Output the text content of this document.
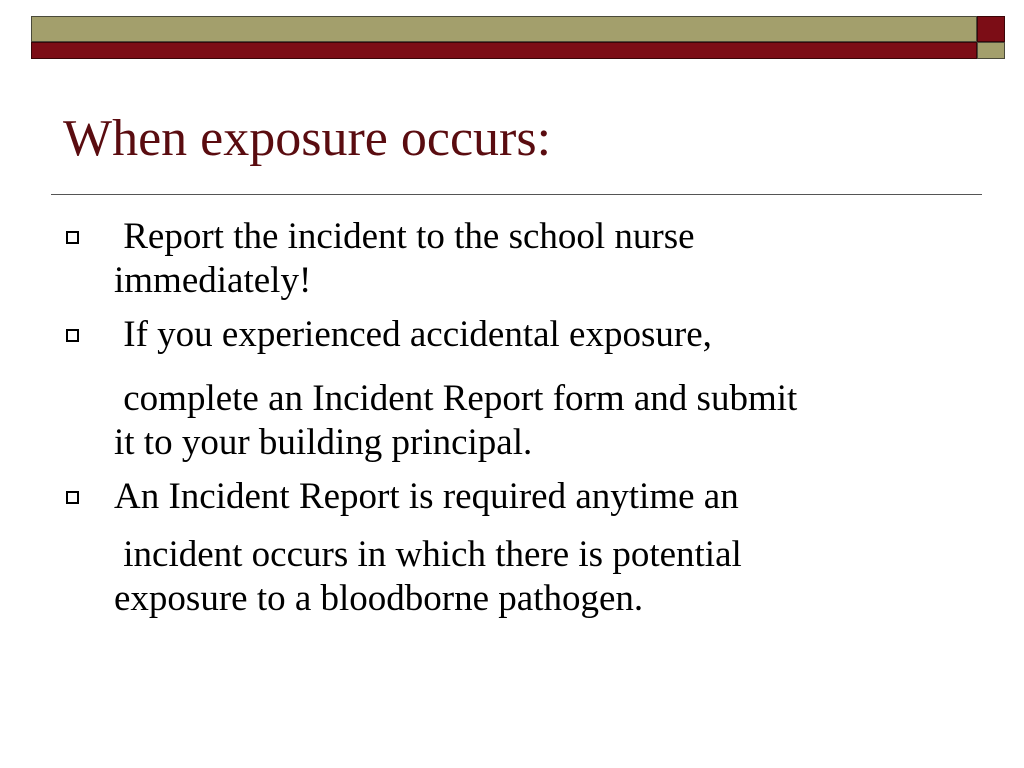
When exposure occurs:
Report the incident to the school nurse
immediately!
If you experienced accidental exposure,
complete an Incident Report form and submit
it to your building principal.
An Incident Report is required anytime an
incident occurs in which there is potential
exposure to a bloodborne pathogen.
